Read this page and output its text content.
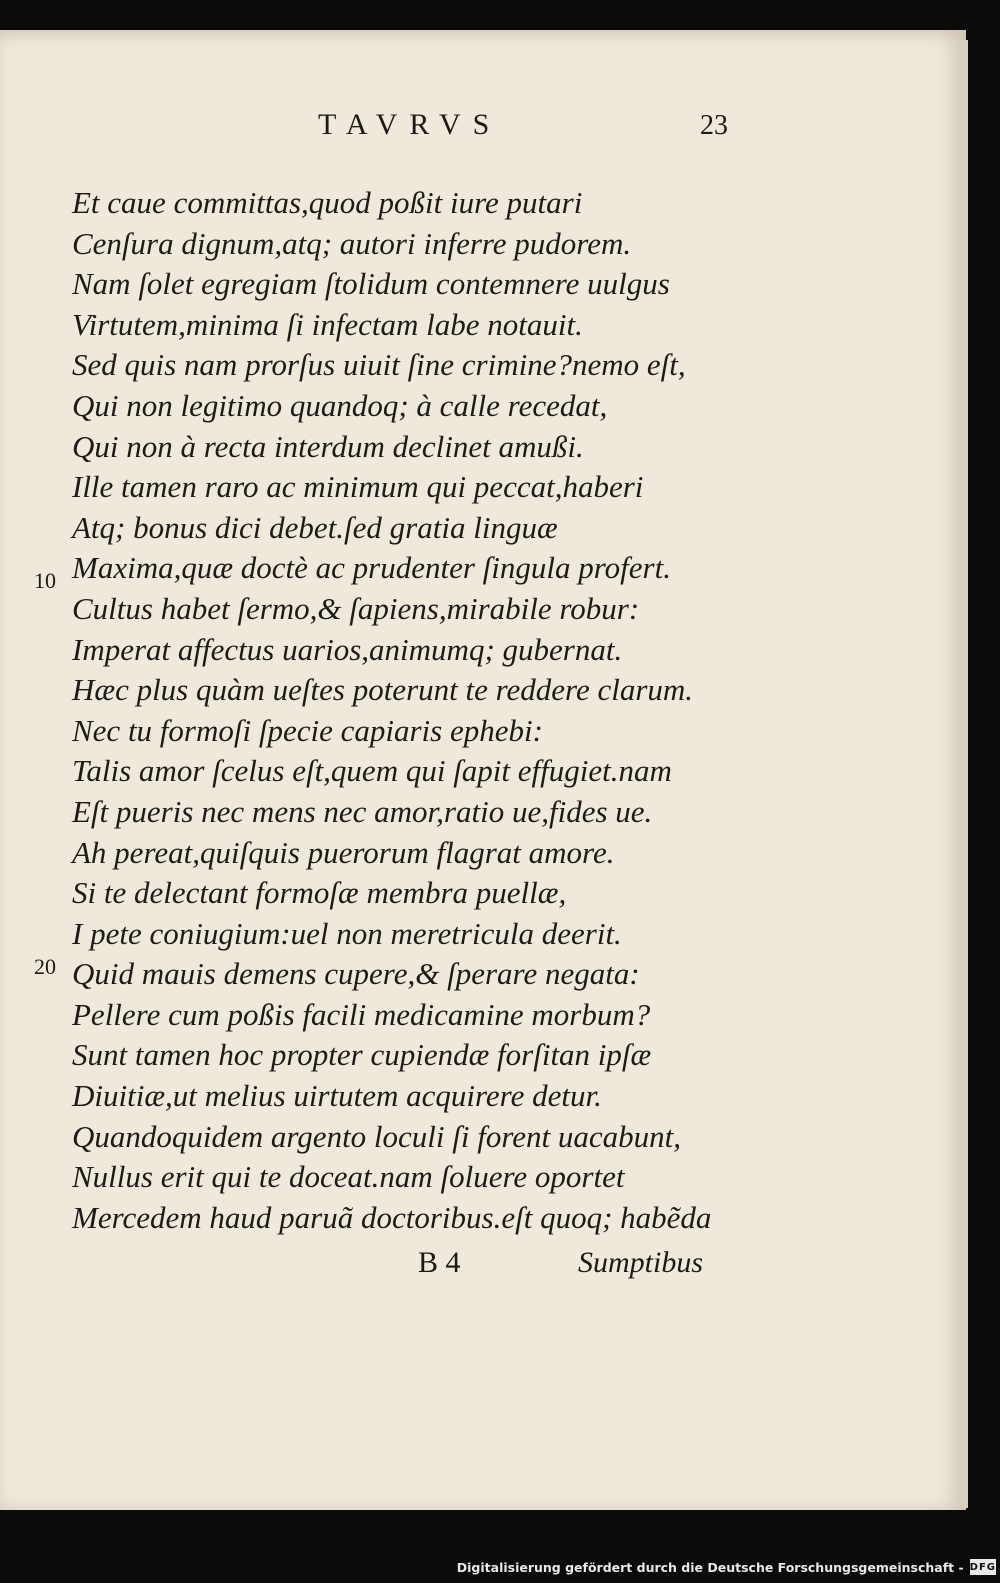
TAVRVS	23
10
20
Et caue committas,quod poßit iure putari
Cenſura dignum,atq; autori inferre pudorem.
Nam ſolet egregiam ſtolidum contemnere uulgus
Virtutem,minima ſi infectam labe notauit.
Sed quis nam prorſus uiuit ſine crimine?nemo eſt,
Qui non legitimo quandoq; à calle recedat,
Qui non à recta interdum declinet amußi.
Ille tamen raro ac minimum qui peccat,haberi
Atq; bonus dici debet.ſed gratia linguæ
Maxima,quæ doctè ac prudenter ſingula profert.
Cultus habet ſermo,& ſapiens,mirabile robur:
Imperat affectus uarios,animumq; gubernat.
Hæc plus quàm ueſtes poterunt te reddere clarum.
Nec tu formoſi ſpecie capiaris ephebi:
Talis amor ſcelus eſt,quem qui ſapit effugiet.nam
Eſt pueris nec mens nec amor,ratio ue,fides ue.
Ah pereat,quiſquis puerorum flagrat amore.
Si te delectant formoſæ membra puellæ,
I pete coniugium:uel non meretricula deerit.
Quid mauis demens cupere,& ſperare negata:
Pellere cum poßis facili medicamine morbum?
Sunt tamen hoc propter cupiendæ forſitan ipſæ
Diuitiæ,ut melius uirtutem acquirere detur.
Quandoquidem argento loculi ſi forent uacabunt,
Nullus erit qui te doceat.nam ſoluere oportet
Mercedem haud paruã doctoribus.eſt quoq; habẽda
B 4	Sumptibus
Digitalisierung gefördert durch die Deutsche Forschungsgemeinschaft - DFG
